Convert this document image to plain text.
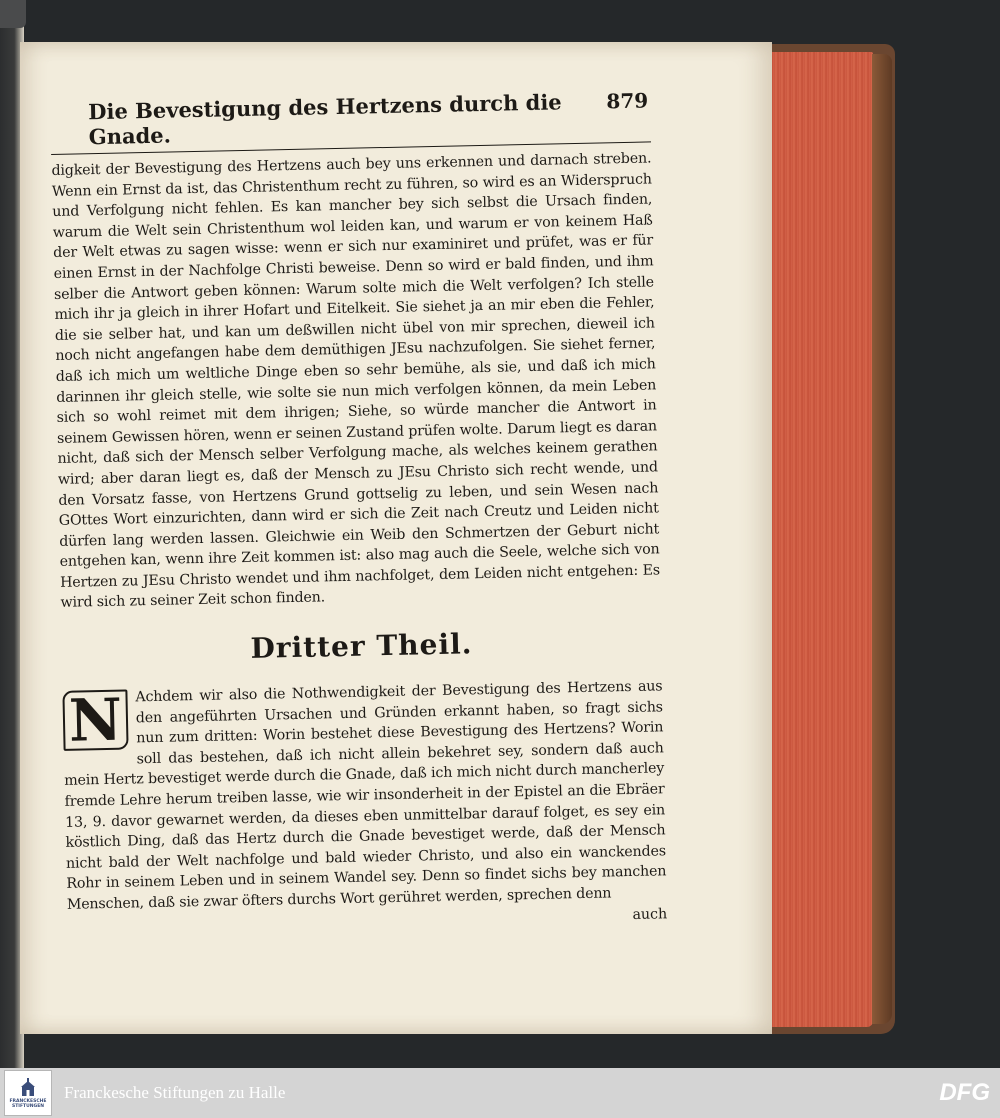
Die Bevestigung des Hertzens durch die Gnade.
879
digkeit der Bevestigung des Hertzens auch bey uns erkennen und darnach streben. Wenn ein Ernst da ist, das Christenthum recht zu führen, so wird es an Widerspruch und Verfolgung nicht fehlen. Es kan mancher bey sich selbst die Ursach finden, warum die Welt sein Christenthum wol leiden kan, und warum er von keinem Haß der Welt etwas zu sagen wisse: wenn er sich nur examiniret und prüfet, was er für einen Ernst in der Nachfolge Christi beweise. Denn so wird er bald finden, und ihm selber die Antwort geben können: Warum solte mich die Welt verfolgen? Ich stelle mich ihr ja gleich in ihrer Hofart und Eitelkeit. Sie siehet ja an mir eben die Fehler, die sie selber hat, und kan um deßwillen nicht übel von mir sprechen, dieweil ich noch nicht angefangen habe dem demüthigen JEsu nachzufolgen. Sie siehet ferner, daß ich mich um weltliche Dinge eben so sehr bemühe, als sie, und daß ich mich darinnen ihr gleich stelle, wie solte sie nun mich verfolgen können, da mein Leben sich so wohl reimet mit dem ihrigen; Siehe, so würde mancher die Antwort in seinem Gewissen hören, wenn er seinen Zustand prüfen wolte. Darum liegt es daran nicht, daß sich der Mensch selber Verfolgung mache, als welches keinem gerathen wird; aber daran liegt es, daß der Mensch zu JEsu Christo sich recht wende, und den Vorsatz fasse, von Hertzens Grund gottselig zu leben, und sein Wesen nach GOttes Wort einzurichten, dann wird er sich die Zeit nach Creutz und Leiden nicht dürfen lang werden lassen. Gleichwie ein Weib den Schmertzen der Geburt nicht entgehen kan, wenn ihre Zeit kommen ist: also mag auch die Seele, welche sich von Hertzen zu JEsu Christo wendet und ihm nachfolget, dem Leiden nicht entgehen: Es wird sich zu seiner Zeit schon finden.
Dritter Theil.
N Achdem wir also die Nothwendigkeit der Bevestigung des Hertzens aus den angeführten Ursachen und Gründen erkannt haben, so fragt sichs nun zum dritten: Worin bestehet diese Bevestigung des Hertzens? Worin soll das bestehen, daß ich nicht allein bekehret sey, sondern daß auch mein Hertz bevestiget werde durch die Gnade, daß ich mich nicht durch mancherley fremde Lehre herum treiben lasse, wie wir insonderheit in der Epistel an die Ebräer 13, 9. davor gewarnet werden, da dieses eben unmittelbar darauf folget, es sey ein köstlich Ding, daß das Hertz durch die Gnade bevestiget werde, daß der Mensch nicht bald der Welt nachfolge und bald wieder Christo, und also ein wanckendes Rohr in seinem Leben und in seinem Wandel sey. Denn so findet sichs bey manchen Menschen, daß sie zwar öfters durchs Wort gerühret werden, sprechen denn
auch
FRANCKESCHE
STIFTUNGEN
Franckesche Stiftungen zu Halle	DFG
